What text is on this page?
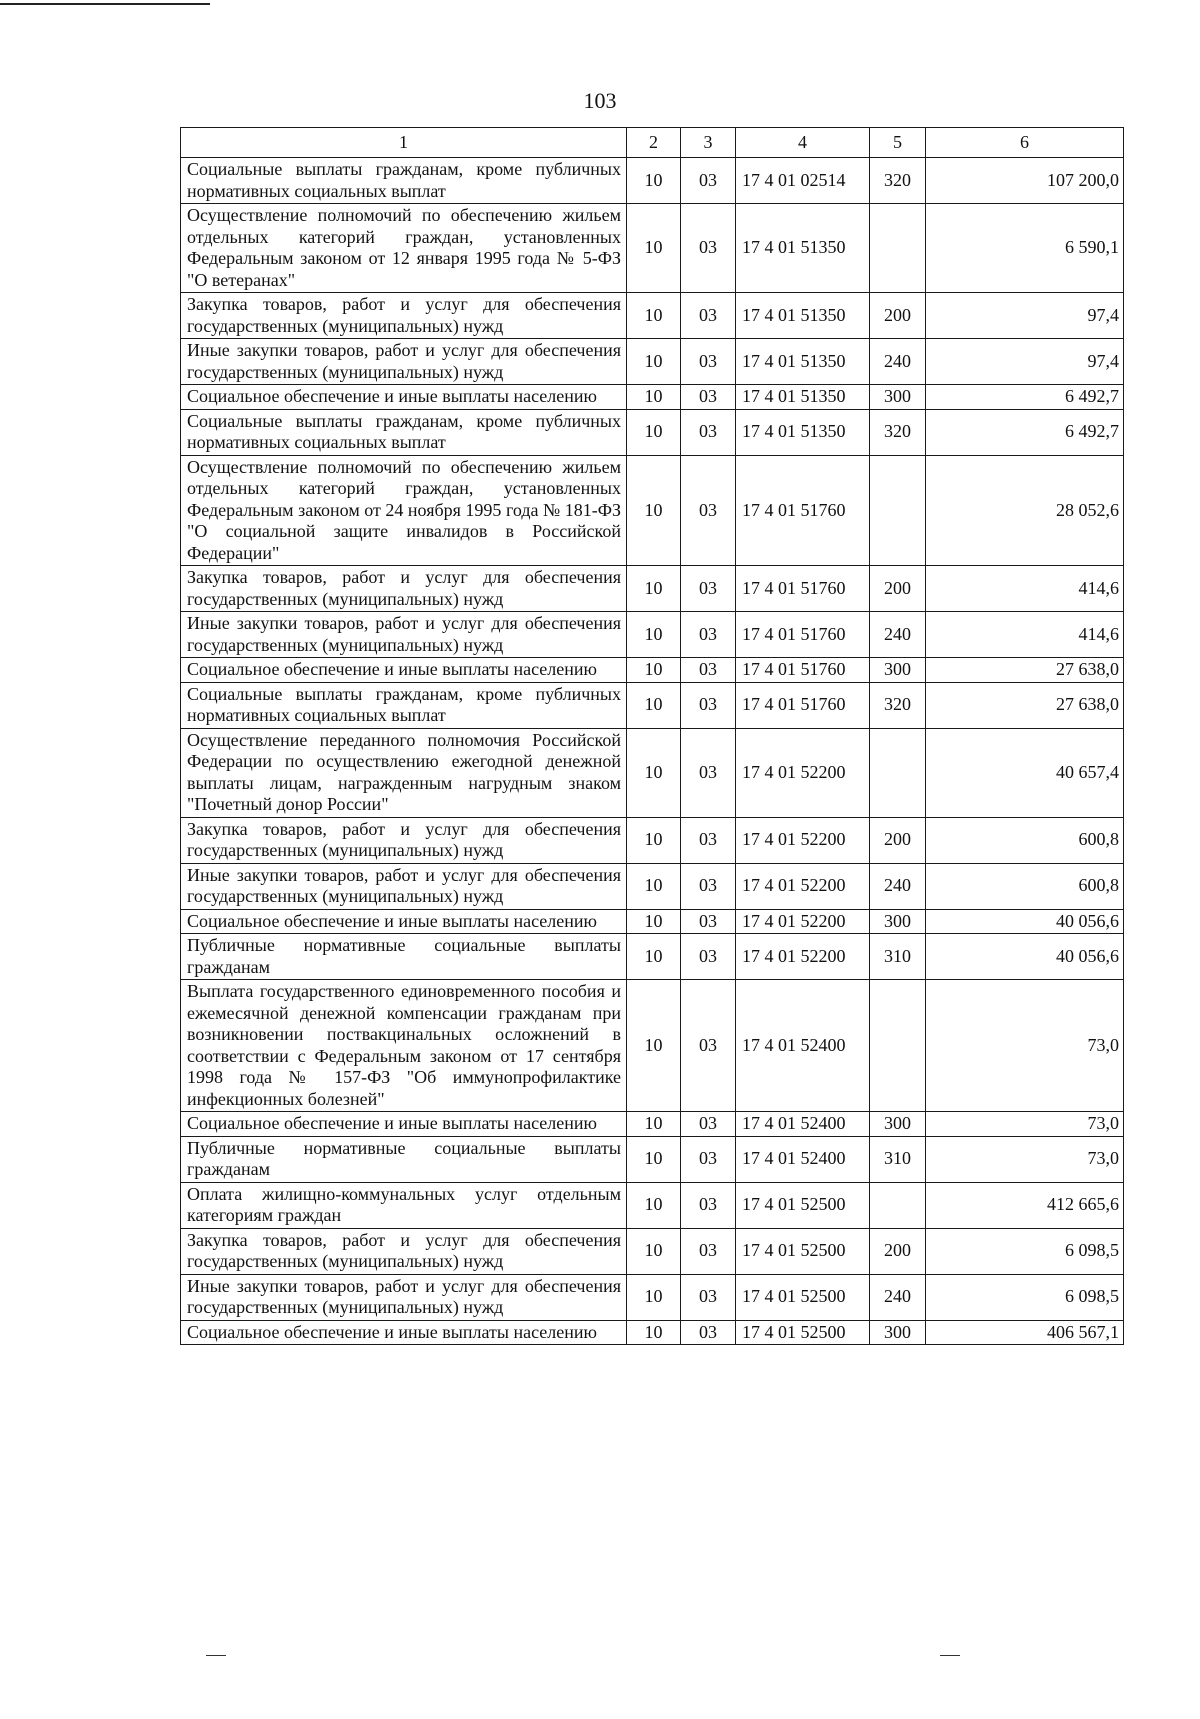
103
1	2	3	4	5	6
Социальные выплаты гражданам, кроме публичных нормативных социальных выплат	10	03	17 4 01 02514	320	107 200,0
Осуществление полномочий по обеспечению жильем отдельных категорий граждан, установленных Федеральным законом от 12 января 1995 года № 5-ФЗ "О ветеранах"	10	03	17 4 01 51350		6 590,1
Закупка товаров, работ и услуг для обеспечения государственных (муниципальных) нужд	10	03	17 4 01 51350	200	97,4
Иные закупки товаров, работ и услуг для обеспечения государственных (муниципальных) нужд	10	03	17 4 01 51350	240	97,4
Социальное обеспечение и иные выплаты населению	10	03	17 4 01 51350	300	6 492,7
Социальные выплаты гражданам, кроме публичных нормативных социальных выплат	10	03	17 4 01 51350	320	6 492,7
Осуществление полномочий по обеспечению жильем отдельных категорий граждан, установленных Федеральным законом от 24 ноября 1995 года № 181-ФЗ "О социальной защите инвалидов в Российской Федерации"	10	03	17 4 01 51760		28 052,6
Закупка товаров, работ и услуг для обеспечения государственных (муниципальных) нужд	10	03	17 4 01 51760	200	414,6
Иные закупки товаров, работ и услуг для обеспечения государственных (муниципальных) нужд	10	03	17 4 01 51760	240	414,6
Социальное обеспечение и иные выплаты населению	10	03	17 4 01 51760	300	27 638,0
Социальные выплаты гражданам, кроме публичных нормативных социальных выплат	10	03	17 4 01 51760	320	27 638,0
Осуществление переданного полномочия Российской Федерации по осуществлению ежегодной денежной выплаты лицам, награжденным нагрудным знаком "Почетный донор России"	10	03	17 4 01 52200		40 657,4
Закупка товаров, работ и услуг для обеспечения государственных (муниципальных) нужд	10	03	17 4 01 52200	200	600,8
Иные закупки товаров, работ и услуг для обеспечения государственных (муниципальных) нужд	10	03	17 4 01 52200	240	600,8
Социальное обеспечение и иные выплаты населению	10	03	17 4 01 52200	300	40 056,6
Публичные нормативные социальные выплаты гражданам	10	03	17 4 01 52200	310	40 056,6
Выплата государственного единовременного пособия и ежемесячной денежной компенсации гражданам при возникновении поствакцинальных осложнений в соответствии с Федеральным законом от 17 сентября 1998 года № 157-ФЗ "Об иммунопрофилактике инфекционных болезней"	10	03	17 4 01 52400		73,0
Социальное обеспечение и иные выплаты населению	10	03	17 4 01 52400	300	73,0
Публичные нормативные социальные выплаты гражданам	10	03	17 4 01 52400	310	73,0
Оплата жилищно-коммунальных услуг отдельным категориям граждан	10	03	17 4 01 52500		412 665,6
Закупка товаров, работ и услуг для обеспечения государственных (муниципальных) нужд	10	03	17 4 01 52500	200	6 098,5
Иные закупки товаров, работ и услуг для обеспечения государственных (муниципальных) нужд	10	03	17 4 01 52500	240	6 098,5
Социальное обеспечение и иные выплаты населению	10	03	17 4 01 52500	300	406 567,1
